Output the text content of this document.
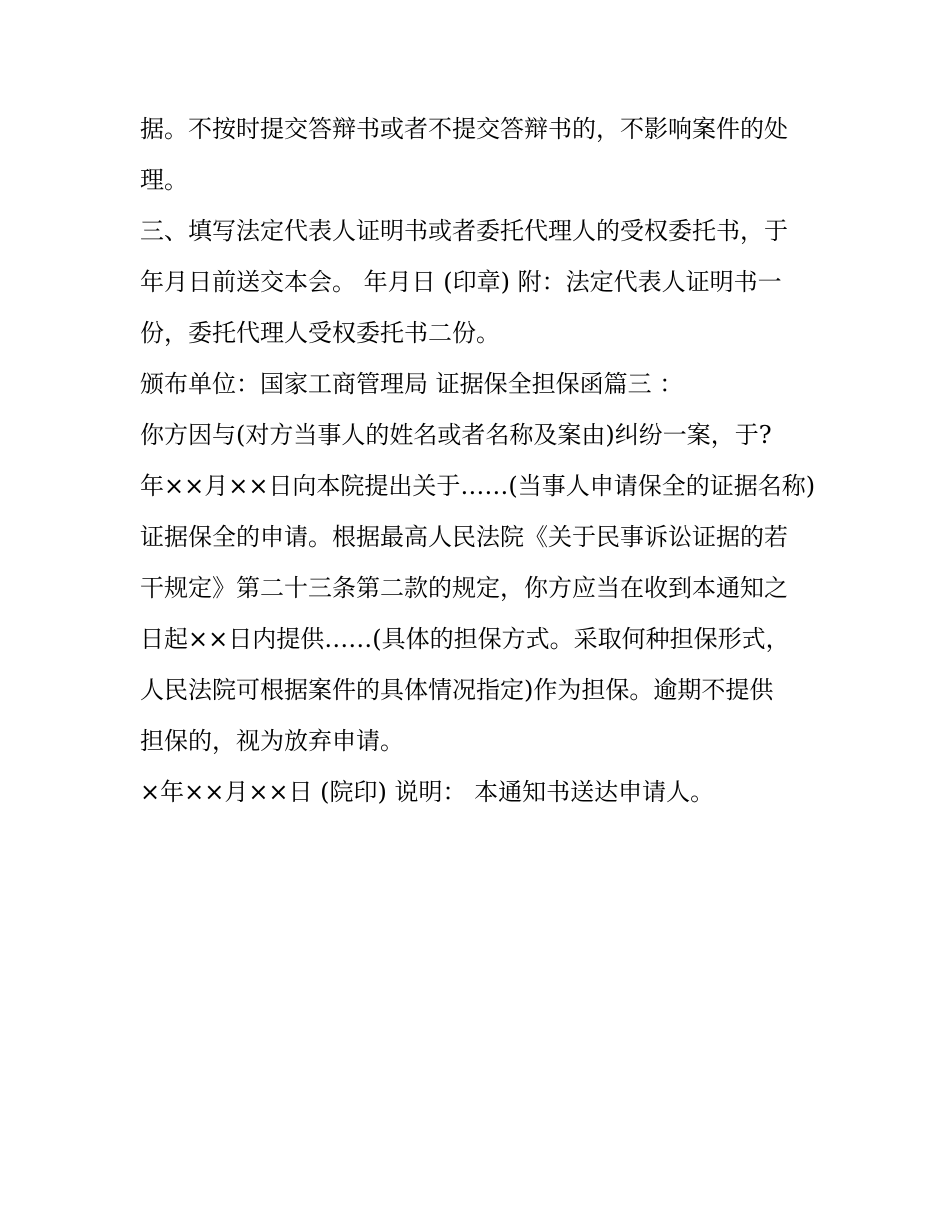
据。不按时提交答辩书或者不提交答辩书的，不影响案件的处
理。
三、填写法定代表人证明书或者委托代理人的受权委托书，于
年月日前送交本会。 年月日 (印章) 附：法定代表人证明书一
份，委托代理人受权委托书二份。
颁布单位：国家工商管理局 证据保全担保函篇三 ：
你方因与(对方当事人的姓名或者名称及案由)纠纷一案，于?
年××月××日向本院提出关于……(当事人申请保全的证据名称)
证据保全的申请。根据最高人民法院《关于民事诉讼证据的若
干规定》第二十三条第二款的规定，你方应当在收到本通知之
日起××日内提供……(具体的担保方式。采取何种担保形式，
人民法院可根据案件的具体情况指定)作为担保。逾期不提供
担保的，视为放弃申请。
×年××月××日 (院印) 说明： 本通知书送达申请人。
